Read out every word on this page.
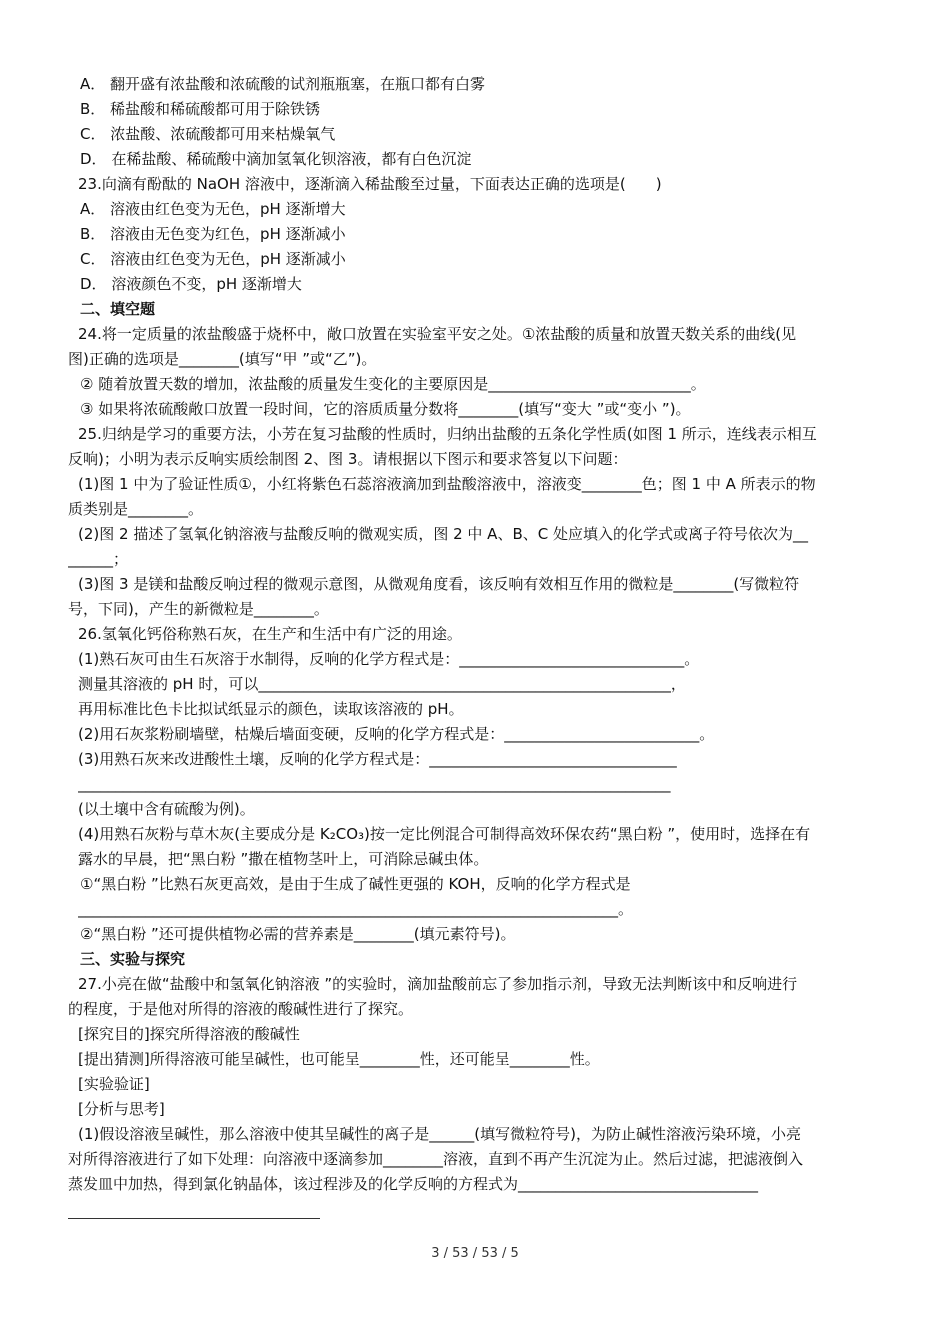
A． 翻开盛有浓盐酸和浓硫酸的试剂瓶瓶塞，在瓶口都有白雾
B． 稀盐酸和稀硫酸都可用于除铁锈
C． 浓盐酸、浓硫酸都可用来枯燥氧气
D． 在稀盐酸、稀硫酸中滴加氢氧化钡溶液，都有白色沉淀
23.向滴有酚酞的 NaOH 溶液中，逐渐滴入稀盐酸至过量，下面表达正确的选项是(　　)
A． 溶液由红色变为无色，pH 逐渐增大
B． 溶液由无色变为红色，pH 逐渐减小
C． 溶液由红色变为无色，pH 逐渐减小
D． 溶液颜色不变，pH 逐渐增大
二、填空题
24.将一定质量的浓盐酸盛于烧杯中，敞口放置在实验室平安之处。①浓盐酸的质量和放置天数关系的曲线(见
图)正确的选项是________(填写“甲 ”或“乙”)。
② 随着放置天数的增加，浓盐酸的质量发生变化的主要原因是___________________________。
③ 如果将浓硫酸敞口放置一段时间，它的溶质质量分数将________(填写“变大 ”或“变小 ”)。
25.归纳是学习的重要方法，小芳在复习盐酸的性质时，归纳出盐酸的五条化学性质(如图 1 所示，连线表示相互
反响)；小明为表示反响实质绘制图 2、图 3。请根据以下图示和要求答复以下问题：
(1)图 1 中为了验证性质①，小红将紫色石蕊溶液滴加到盐酸溶液中，溶液变________色；图 1 中 A 所表示的物
质类别是________。
(2)图 2 描述了氢氧化钠溶液与盐酸反响的微观实质，图 2 中 A、B、C 处应填入的化学式或离子符号依次为__
______；
(3)图 3 是镁和盐酸反响过程的微观示意图，从微观角度看，该反响有效相互作用的微粒是________(写微粒符
号，下同)，产生的新微粒是________。
26.氢氧化钙俗称熟石灰，在生产和生活中有广泛的用途。
(1)熟石灰可由生石灰溶于水制得，反响的化学方程式是：______________________________。
测量其溶液的 pH 时，可以_______________________________________________________，
再用标准比色卡比拟试纸显示的颜色，读取该溶液的 pH。
(2)用石灰浆粉刷墙壁，枯燥后墙面变硬，反响的化学方程式是：__________________________。
(3)用熟石灰来改进酸性土壤，反响的化学方程式是：_________________________________
_______________________________________________________________________________
(以土壤中含有硫酸为例)。
(4)用熟石灰粉与草木灰(主要成分是 K₂CO₃)按一定比例混合可制得高效环保农药“黑白粉 ”，使用时，选择在有
露水的早晨，把“黑白粉 ”撒在植物茎叶上，可消除忌碱虫体。
①“黑白粉 ”比熟石灰更高效，是由于生成了碱性更强的 KOH，反响的化学方程式是
________________________________________________________________________。
②“黑白粉 ”还可提供植物必需的营养素是________(填元素符号)。
三、实验与探究
27.小亮在做“盐酸中和氢氧化钠溶液 ”的实验时，滴加盐酸前忘了参加指示剂，导致无法判断该中和反响进行
的程度，于是他对所得的溶液的酸碱性进行了探究。
[探究目的]探究所得溶液的酸碱性
[提出猜测]所得溶液可能呈碱性，也可能呈________性，还可能呈________性。
[实验验证]
[分析与思考]
(1)假设溶液呈碱性，那么溶液中使其呈碱性的离子是______(填写微粒符号)，为防止碱性溶液污染环境，小亮
对所得溶液进行了如下处理：向溶液中逐滴参加________溶液，直到不再产生沉淀为止。然后过滤，把滤液倒入
蒸发皿中加热，得到氯化钠晶体，该过程涉及的化学反响的方程式为________________________________
3 / 53 / 53 / 5
